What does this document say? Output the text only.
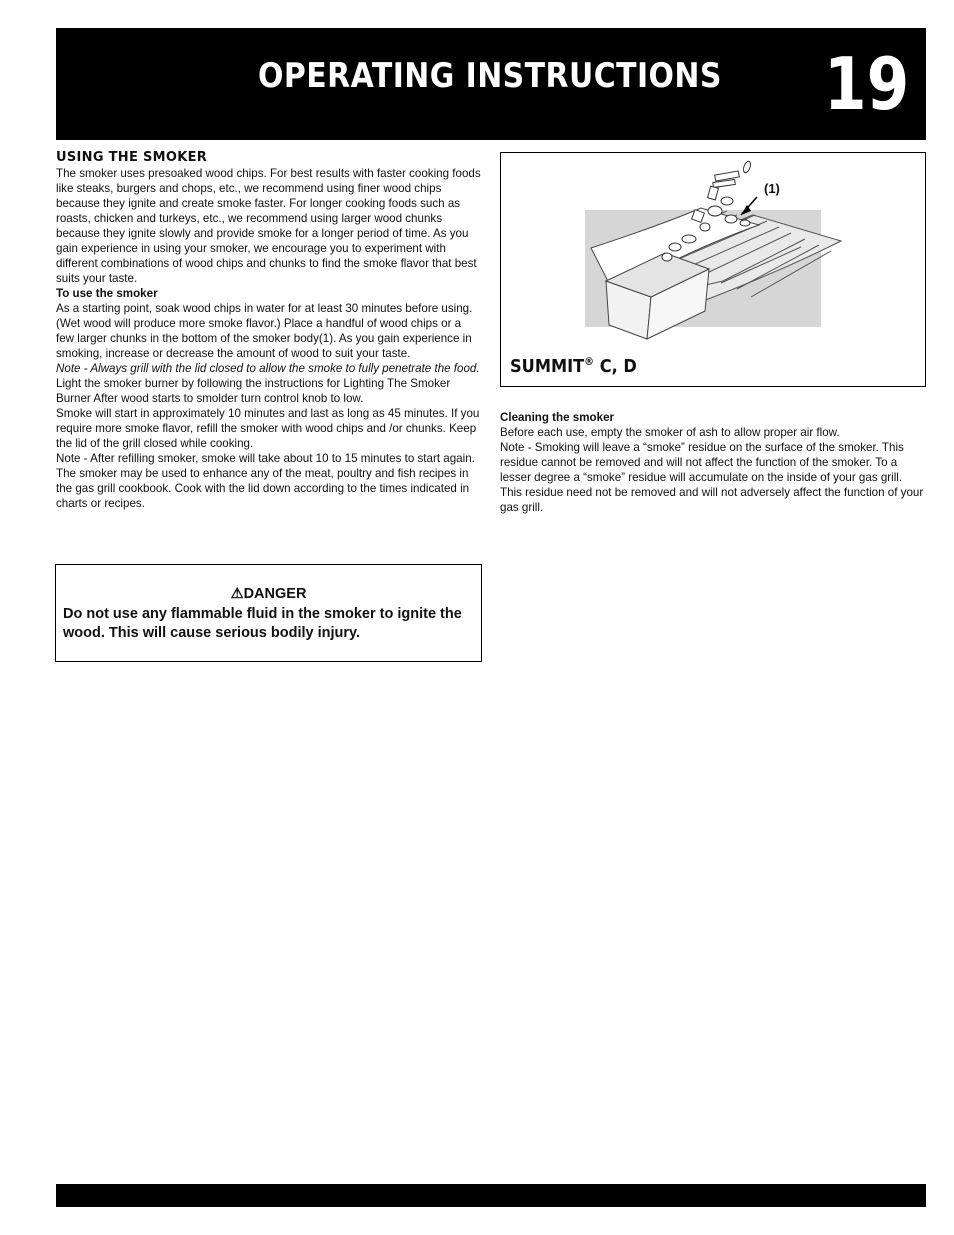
OPERATING INSTRUCTIONS 19
USING THE SMOKER

The smoker uses presoaked wood chips. For best results with faster cooking foods like steaks, burgers and chops, etc., we recommend using finer wood chips because they ignite and create smoke faster. For longer cooking foods such as roasts, chicken and turkeys, etc., we recommend using larger wood chunks because they ignite slowly and provide smoke for a longer period of time. As you gain experience in using your smoker, we encourage you to experiment with different combinations of wood chips and chunks to find the smoke flavor that best suits your taste.

To use the smoker

As a starting point, soak wood chips in water for at least 30 minutes before using. (Wet wood will produce more smoke flavor.) Place a handful of wood chips or a few larger chunks in the bottom of the smoker body(1). As you gain experience in smoking, increase or decrease the amount of wood to suit your taste.

Note - Always grill with the lid closed to allow the smoke to fully penetrate the food.

Light the smoker burner by following the instructions for Lighting The Smoker Burner After wood starts to smolder turn control knob to low.

Smoke will start in approximately 10 minutes and last as long as 45 minutes. If you require more smoke flavor, refill the smoker with wood chips and /or chunks. Keep the lid of the grill closed while cooking.

Note - After refilling smoker, smoke will take about 10 to 15 minutes to start again.

The smoker may be used to enhance any of the meat, poultry and fish recipes in the gas grill cookbook. Cook with the lid down according to the times indicated in charts or recipes.

⚠DANGER
Do not use any flammable fluid in the smoker to ignite the wood. This will cause serious bodily injury.
(1)
SUMMIT® C, D

Cleaning the smoker

Before each use, empty the smoker of ash to allow proper air flow.

Note - Smoking will leave a “smoke” residue on the surface of the smoker. This residue cannot be removed and will not affect the function of the smoker. To a lesser degree a “smoke” residue will accumulate on the inside of your gas grill. This residue need not be removed and will not adversely affect the function of your gas grill.
